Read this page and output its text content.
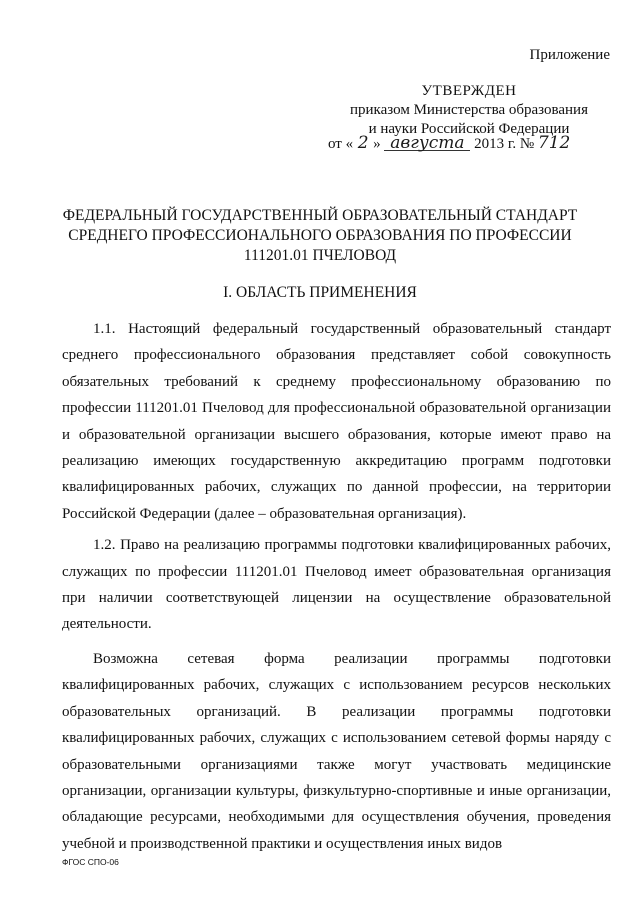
Приложение
УТВЕРЖДЕН
приказом Министерства образования
и науки Российской Федерации
от « 2 » августа 2013 г. № 712
ФЕДЕРАЛЬНЫЙ ГОСУДАРСТВЕННЫЙ ОБРАЗОВАТЕЛЬНЫЙ СТАНДАРТ
СРЕДНЕГО ПРОФЕССИОНАЛЬНОГО ОБРАЗОВАНИЯ ПО ПРОФЕССИИ
111201.01 ПЧЕЛОВОД
I. ОБЛАСТЬ ПРИМЕНЕНИЯ

1.1. Настоящий федеральный государственный образовательный стандарт среднего профессионального образования представляет собой совокупность обязательных требований к среднему профессиональному образованию по профессии 111201.01 Пчеловод для профессиональной образовательной организации и образовательной организации высшего образования, которые имеют право на реализацию имеющих государственную аккредитацию программ подготовки квалифицированных рабочих, служащих по данной профессии, на территории Российской Федерации (далее – образовательная организация).

1.2. Право на реализацию программы подготовки квалифицированных рабочих, служащих по профессии 111201.01 Пчеловод имеет образовательная организация при наличии соответствующей лицензии на осуществление образовательной деятельности.

Возможна сетевая форма реализации программы подготовки квалифицированных рабочих, служащих с использованием ресурсов нескольких образовательных организаций. В реализации программы подготовки квалифицированных рабочих, служащих с использованием сетевой формы наряду с образовательными организациями также могут участвовать медицинские организации, организации культуры, физкультурно-спортивные и иные организации, обладающие ресурсами, необходимыми для осуществления обучения, проведения учебной и производственной практики и осуществления иных видов

ФГОС СПО-06
